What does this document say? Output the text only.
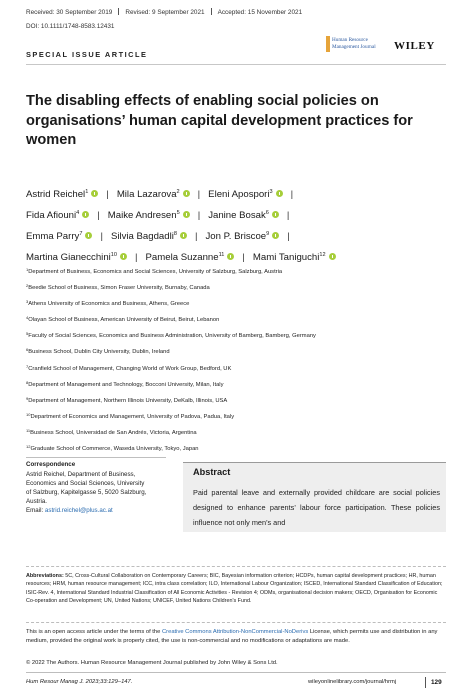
Received: 30 September 2019 Revised: 9 September 2021 Accepted: 15 November 2021
DOI: 10.1111/1748-8583.12431
Human Resource
Management Journal WILEY
SPECIAL ISSUE ARTICLE
The disabling effects of enabling social policies on organisations’ human capital development practices for women
Astrid Reichel$^1$ | Mila Lazarova$^2$ | Eleni Apospori$^3$ |
Fida Afiouni$^4$ | Maike Andresen$^5$ | Janine Bosak$^6$ |
Emma Parry$^7$ | Silvia Bagdadli$^8$ | Jon P. Briscoe$^9$ |
Martina Gianecchini$^{10}$ | Pamela Suzanne$^{11}$ | Mami Taniguchi$^{12}$
$^1$Department of Business, Economics and Social Sciences, University of Salzburg, Salzburg, Austria
$^2$Beedie School of Business, Simon Fraser University, Burnaby, Canada
$^3$Athens University of Economics and Business, Athens, Greece
$^4$Olayan School of Business, American University of Beirut, Beirut, Lebanon
$^5$Faculty of Social Sciences, Economics and Business Administration, University of Bamberg, Bamberg, Germany
$^6$Business School, Dublin City University, Dublin, Ireland
$^7$Cranfield School of Management, Changing World of Work Group, Bedford, UK
$^8$Department of Management and Technology, Bocconi University, Milan, Italy
$^9$Department of Management, Northern Illinois University, DeKalb, Illinois, USA
$^{10}$Department of Economics and Management, University of Padova, Padua, Italy
$^{11}$Business School, Universidad de San Andrés, Victoria, Argentina
$^{12}$Graduate School of Commerce, Waseda University, Tokyo, Japan
Correspondence
Astrid Reichel, Department of Business,
Economics and Social Sciences, University
of Salzburg, Kapitelgasse 5, 5020 Salzburg,
Austria.
Email: astrid.reichel@plus.ac.at
Abstract
Paid parental leave and externally provided childcare are social policies designed to enhance parents’ labour force participation. These policies influence not only men’s and
Abbreviations: 5C, Cross-Cultural Collaboration on Contemporary Careers; BIC, Bayesian information criterion; HCDPs, human capital development practices; HR, human resources; HRM, human resource management; ICC, intra class correlation; ILO, International Labour Organization; ISCED, International Standard Classification of Education; ISIC-Rev. 4, International Standard Industrial Classification of All Economic Activities - Revision 4; ODMs, organisational decision makers; OECD, Organisation for Economic Co-operation and Development; UN, United Nations; UNICEF, United Nations Children's Fund.
This is an open access article under the terms of the Creative Commons Attribution-NonCommercial-NoDerivs License, which permits use and distribution in any medium, provided the original work is properly cited, the use is non-commercial and no modifications or adaptations are made.
© 2022 The Authors. Human Resource Management Journal published by John Wiley & Sons Ltd.
Hum Resour Manag J. 2023;33:129–147.	wileyonlinelibrary.com/journal/hrmj	129
